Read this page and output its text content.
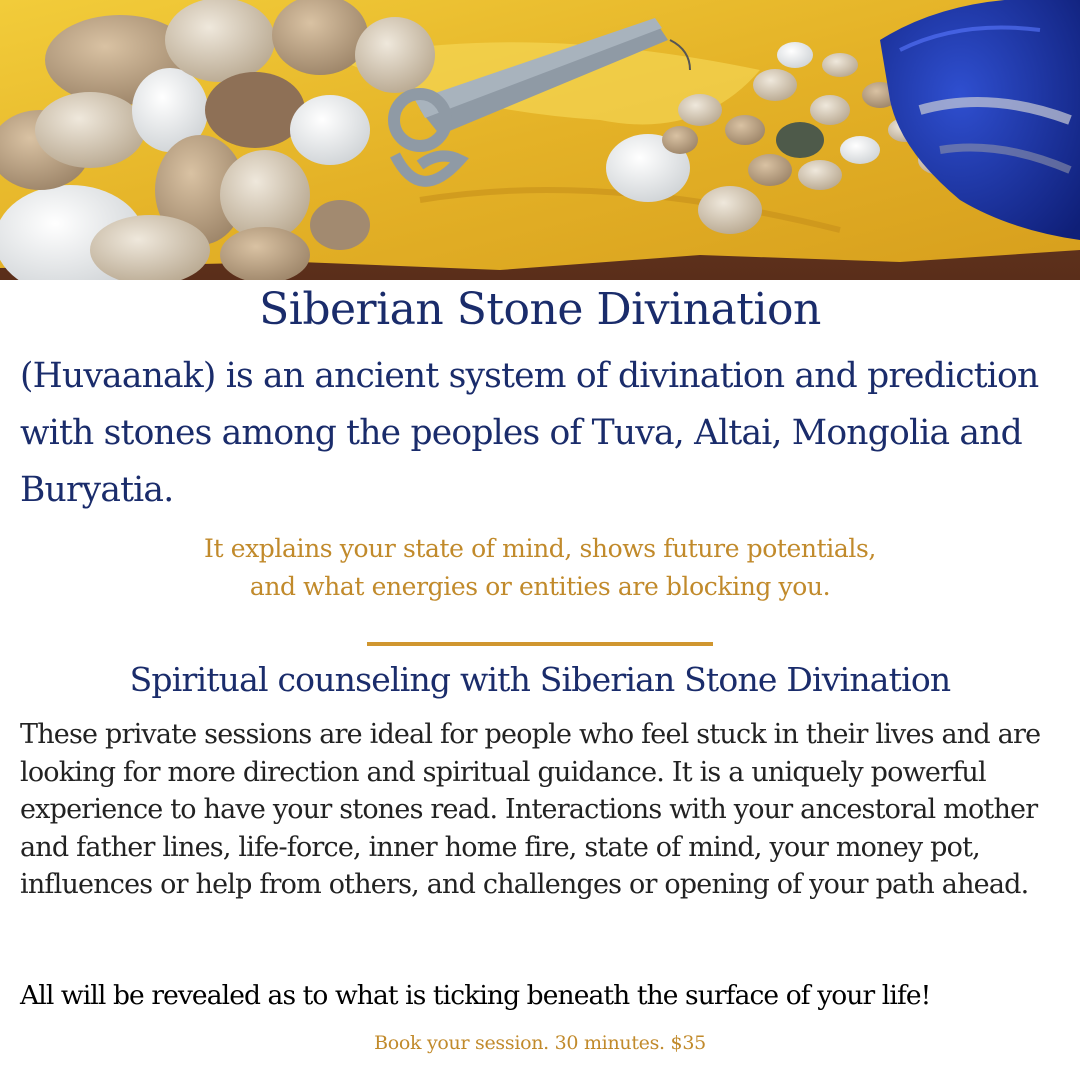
Siberian Stone Divination

(Huvaanak) is an ancient system of divination and prediction with stones among the peoples of Tuva, Altai, Mongolia and Buryatia.

It explains your state of mind, shows future potentials,
and what energies or entities are blocking you.

Spiritual counseling with Siberian Stone Divination

These private sessions are ideal for people who feel stuck in their lives and are looking for more direction and spiritual guidance. It is a uniquely powerful experience to have your stones read. Interactions with your ancestoral mother and father lines, life-force, inner home fire, state of mind, your money pot, influences or help from others, and challenges or opening of your path ahead.

All will be revealed as to what is ticking beneath the surface of your life!

Book your session. 30 minutes. $35
